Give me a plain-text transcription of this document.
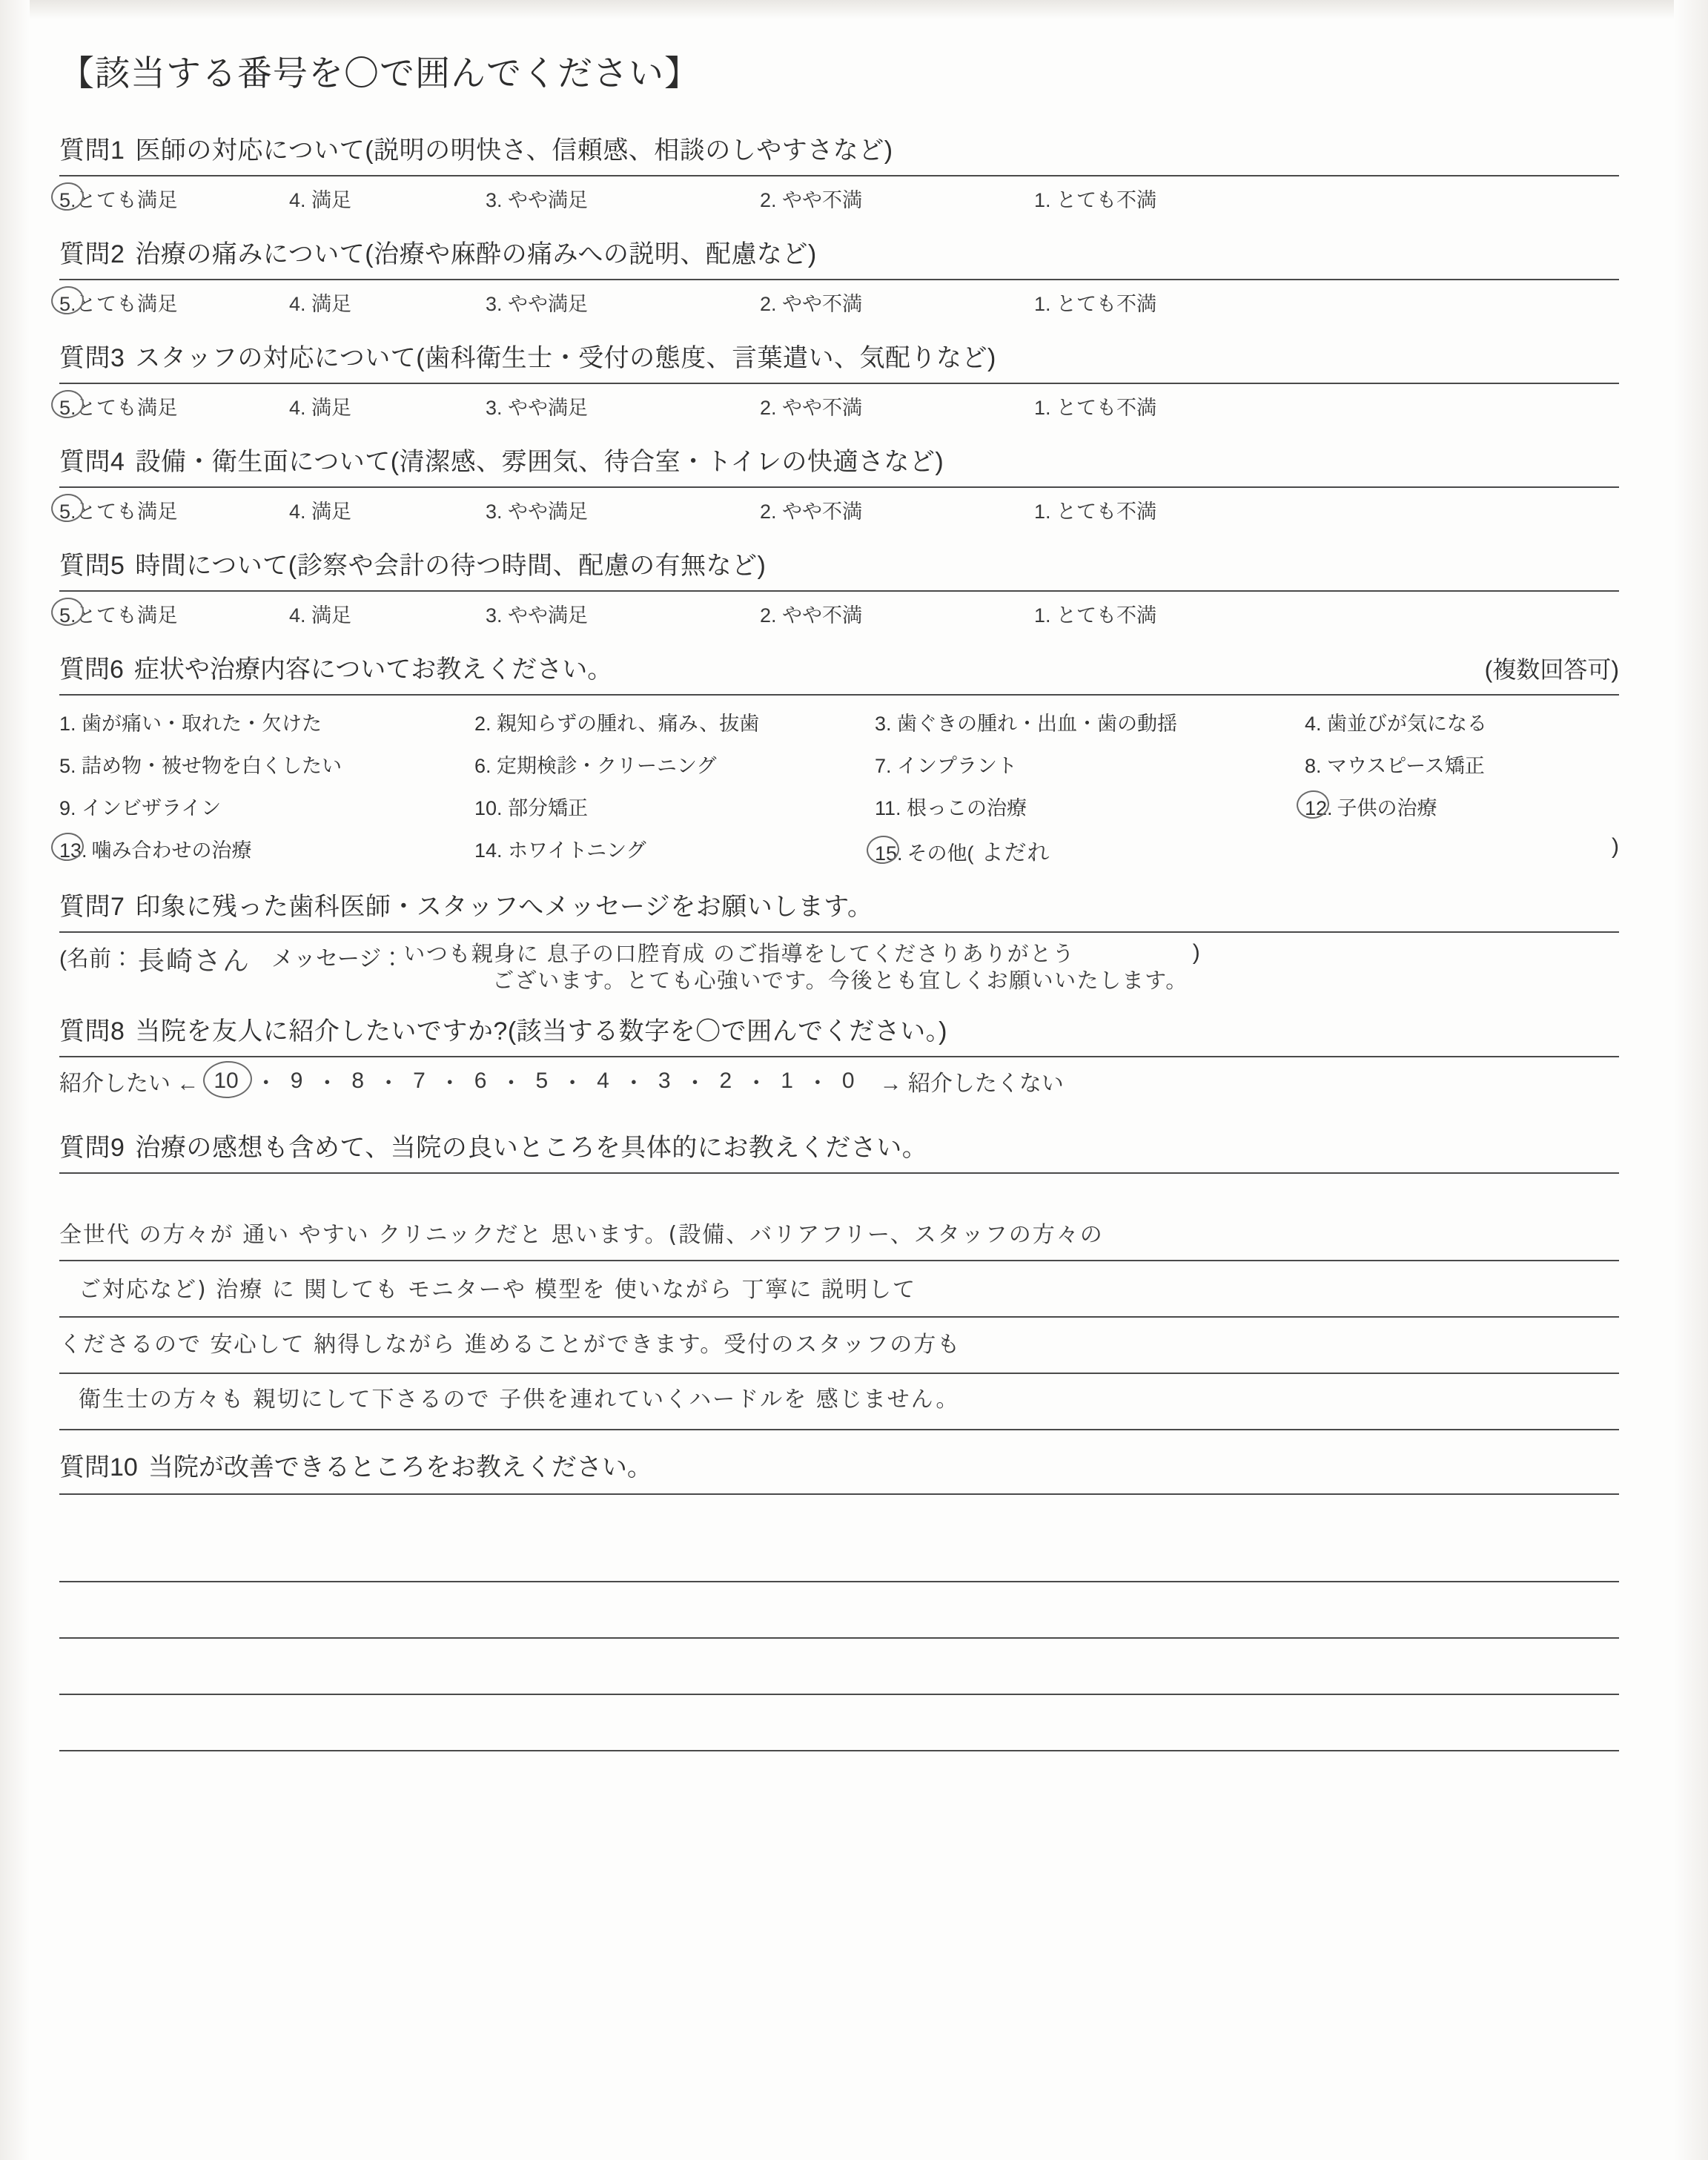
【該当する番号を〇で囲んでください】
質問1 医師の対応について(説明の明快さ、信頼感、相談のしやすさなど)
5.とても満足	4. 満足	3. やや満足	2. やや不満	1. とても不満
質問2 治療の痛みについて(治療や麻酔の痛みへの説明、配慮など)
5.とても満足	4. 満足	3. やや満足	2. やや不満	1. とても不満
質問3 スタッフの対応について(歯科衛生士・受付の態度、言葉遣い、気配りなど)
5.とても満足	4. 満足	3. やや満足	2. やや不満	1. とても不満
質問4 設備・衛生面について(清潔感、雰囲気、待合室・トイレの快適さなど)
5.とても満足	4. 満足	3. やや満足	2. やや不満	1. とても不満
質問5 時間について(診察や会計の待つ時間、配慮の有無など)
5.とても満足	4. 満足	3. やや満足	2. やや不満	1. とても不満
質問6 症状や治療内容についてお教えください。	(複数回答可)
1. 歯が痛い・取れた・欠けた	2. 親知らずの腫れ、痛み、抜歯	3. 歯ぐきの腫れ・出血・歯の動揺	4. 歯並びが気になる
5. 詰め物・被せ物を白くしたい	6. 定期検診・クリーニング	7. インプラント	8. マウスピース矯正
9. インビザライン	10. 部分矯正	11. 根っこの治療	12. 子供の治療
13. 噛み合わせの治療	14. ホワイトニング	15. その他( よだれ	)
質問7 印象に残った歯科医師・スタッフへメッセージをお願いします。
(名前： 長崎さん メッセージ： いつも親身に 息子の口腔育成 のご指導をしてくださりありがとう
ございます。とても心強いです。今後とも宜しくお願いいたします。
)
質問8 当院を友人に紹介したいですか?(該当する数字を〇で囲んでください。)
紹介したい ← 10 ・ 9 ・ 8 ・ 7 ・ 6 ・ 5 ・ 4 ・ 3 ・ 2 ・ 1 ・ 0	→ 紹介したくない
質問9 治療の感想も含めて、当院の良いところを具体的にお教えください。
全世代 の方々が 通い やすい クリニックだと 思います。(設備、バリアフリー、スタッフの方々の
ご対応など) 治療 に 関しても モニターや 模型を 使いながら 丁寧に 説明して
くださるので 安心して 納得しながら 進めることができます。受付のスタッフの方も
衛生士の方々も 親切にして下さるので 子供を連れていくハードルを 感じません。
質問10 当院が改善できるところをお教えください。
